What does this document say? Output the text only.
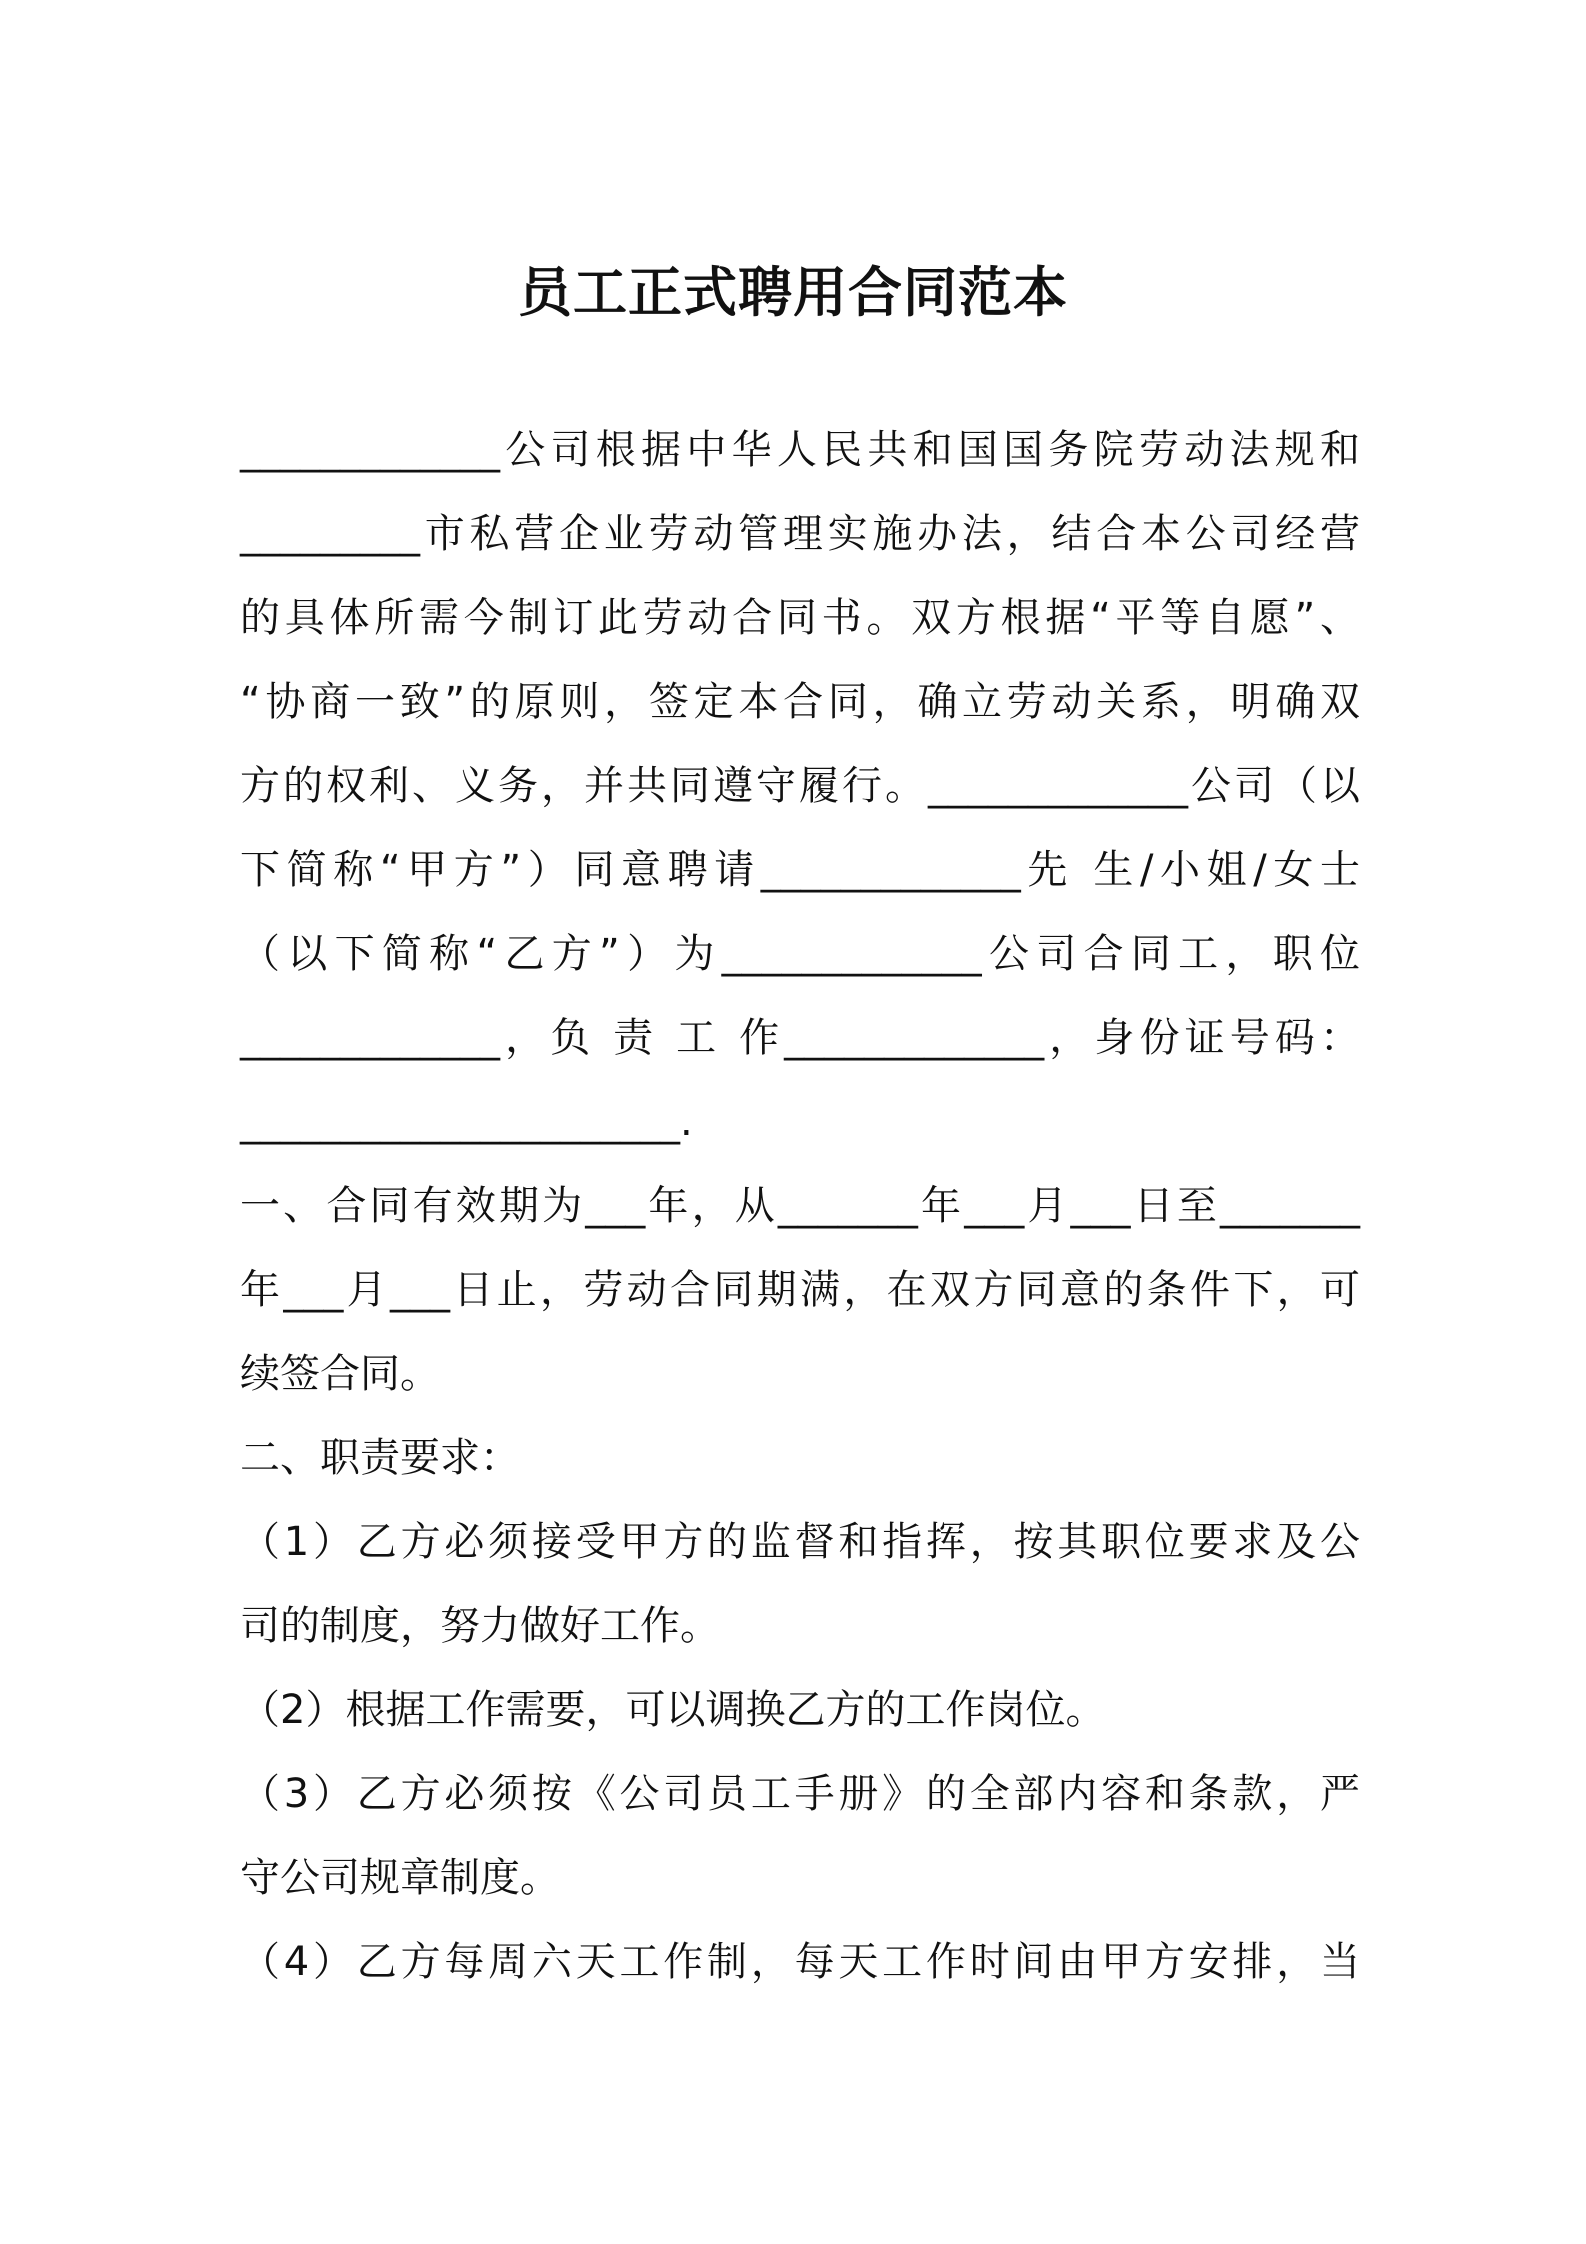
员工正式聘用合同范本
_____________公司根据中华人民共和国国务院劳动法规和
_________市私营企业劳动管理实施办法，结合本公司经营
的具体所需今制订此劳动合同书。双方根据“平等自愿”、
“协商一致”的原则，签定本合同，确立劳动关系，明确双
方的权利、义务，并共同遵守履行。_____________公司（以
下简称“甲方”）同意聘请_____________先 生/小姐/女士
（以下简称“乙方”）为_____________公司合同工，职位
_____________，负 责 工 作_____________，身份证号码：
______________________.
一、合同有效期为___年，从_______年___月___日至_______
年___月___日止，劳动合同期满，在双方同意的条件下，可
续签合同。
二、职责要求：
（1）乙方必须接受甲方的监督和指挥，按其职位要求及公
司的制度，努力做好工作。
（2）根据工作需要，可以调换乙方的工作岗位。
（3）乙方必须按《公司员工手册》的全部内容和条款，严
守公司规章制度。
（4）乙方每周六天工作制，每天工作时间由甲方安排，当
